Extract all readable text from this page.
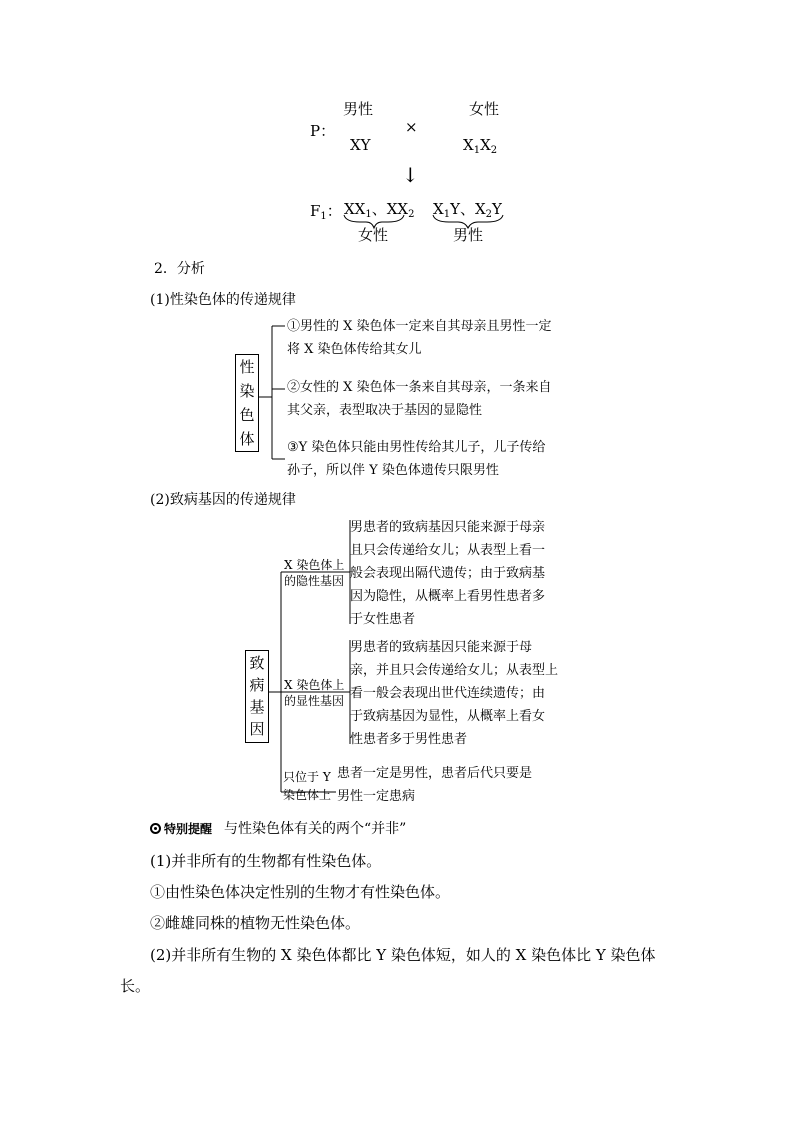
男性	女性
P：	×
XY	$X_1X_2$
↓
$F_1$： $XX_1$、$XX_2$ $X_1Y$、$X_2Y$
女性	男性
2．分析
(1)性染色体的传递规律
性
染
色
体
①男性的 X 染色体一定来自其母亲且男性一定
将 X 染色体传给其女儿
②女性的 X 染色体一条来自其母亲，一条来自
其父亲，表型取决于基因的显隐性
③Y 染色体只能由男性传给其儿子，儿子传给
孙子，所以伴 Y 染色体遗传只限男性
(2)致病基因的传递规律
致
病
基
因
X 染色体上
的隐性基因
男患者的致病基因只能来源于母亲
且只会传递给女儿；从表型上看一
般会表现出隔代遗传；由于致病基
因为隐性，从概率上看男性患者多
于女性患者
X 染色体上
的显性基因
男患者的致病基因只能来源于母
亲，并且只会传递给女儿；从表型上
看一般会表现出世代连续遗传；由
于致病基因为显性，从概率上看女
性患者多于男性患者
只位于 Y
染色体上
患者一定是男性，患者后代只要是
男性一定患病
特别提醒 与性染色体有关的两个“并非”
(1)并非所有的生物都有性染色体。
①由性染色体决定性别的生物才有性染色体。
②雌雄同株的植物无性染色体。
(2)并非所有生物的 X 染色体都比 Y 染色体短，如人的 X 染色体比 Y 染色体
长。
